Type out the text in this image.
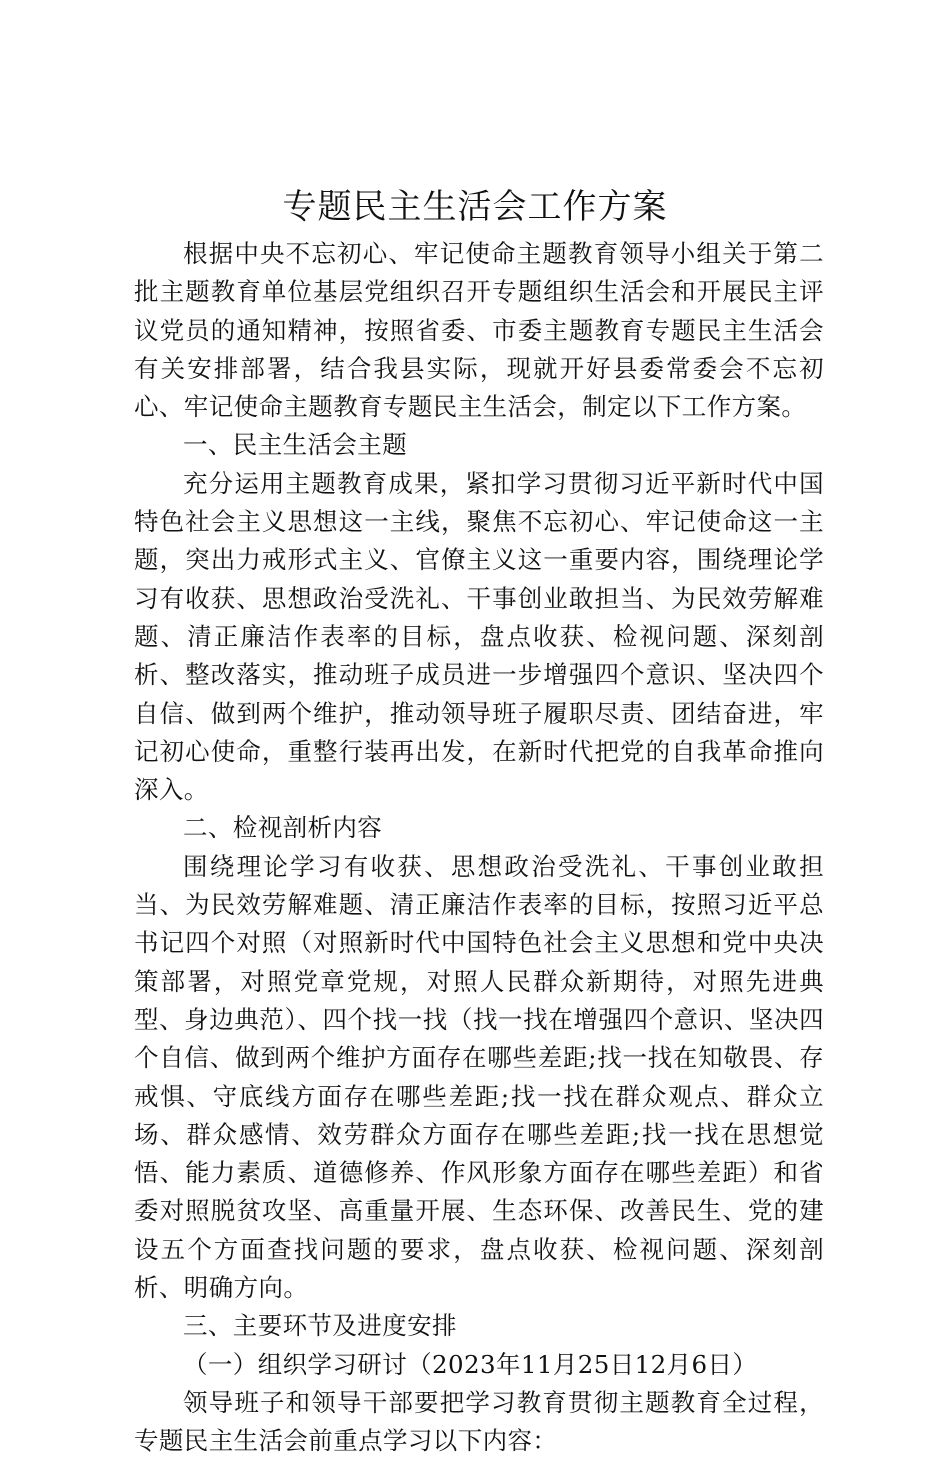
专题民主生活会工作方案

根据中央不忘初心、牢记使命主题教育领导小组关于第二批主题教育单位基层党组织召开专题组织生活会和开展民主评议党员的通知精神，按照省委、市委主题教育专题民主生活会有关安排部署，结合我县实际，现就开好县委常委会不忘初心、牢记使命主题教育专题民主生活会，制定以下工作方案。

一、民主生活会主题

充分运用主题教育成果，紧扣学习贯彻习近平新时代中国特色社会主义思想这一主线，聚焦不忘初心、牢记使命这一主题，突出力戒形式主义、官僚主义这一重要内容，围绕理论学习有收获、思想政治受洗礼、干事创业敢担当、为民效劳解难题、清正廉洁作表率的目标，盘点收获、检视问题、深刻剖析、整改落实，推动班子成员进一步增强四个意识、坚决四个自信、做到两个维护，推动领导班子履职尽责、团结奋进，牢记初心使命，重整行装再出发，在新时代把党的自我革命推向深入。

二、检视剖析内容

围绕理论学习有收获、思想政治受洗礼、干事创业敢担当、为民效劳解难题、清正廉洁作表率的目标，按照习近平总书记四个对照（对照新时代中国特色社会主义思想和党中央决策部署，对照党章党规，对照人民群众新期待，对照先进典型、身边典范）、四个找一找（找一找在增强四个意识、坚决四个自信、做到两个维护方面存在哪些差距;找一找在知敬畏、存戒惧、守底线方面存在哪些差距;找一找在群众观点、群众立场、群众感情、效劳群众方面存在哪些差距;找一找在思想觉悟、能力素质、道德修养、作风形象方面存在哪些差距）和省委对照脱贫攻坚、高重量开展、生态环保、改善民生、党的建设五个方面查找问题的要求，盘点收获、检视问题、深刻剖析、明确方向。

三、主要环节及进度安排

（一）组织学习研讨（2023年11月25日12月6日）

领导班子和领导干部要把学习教育贯彻主题教育全过程，专题民主生活会前重点学习以下内容：
